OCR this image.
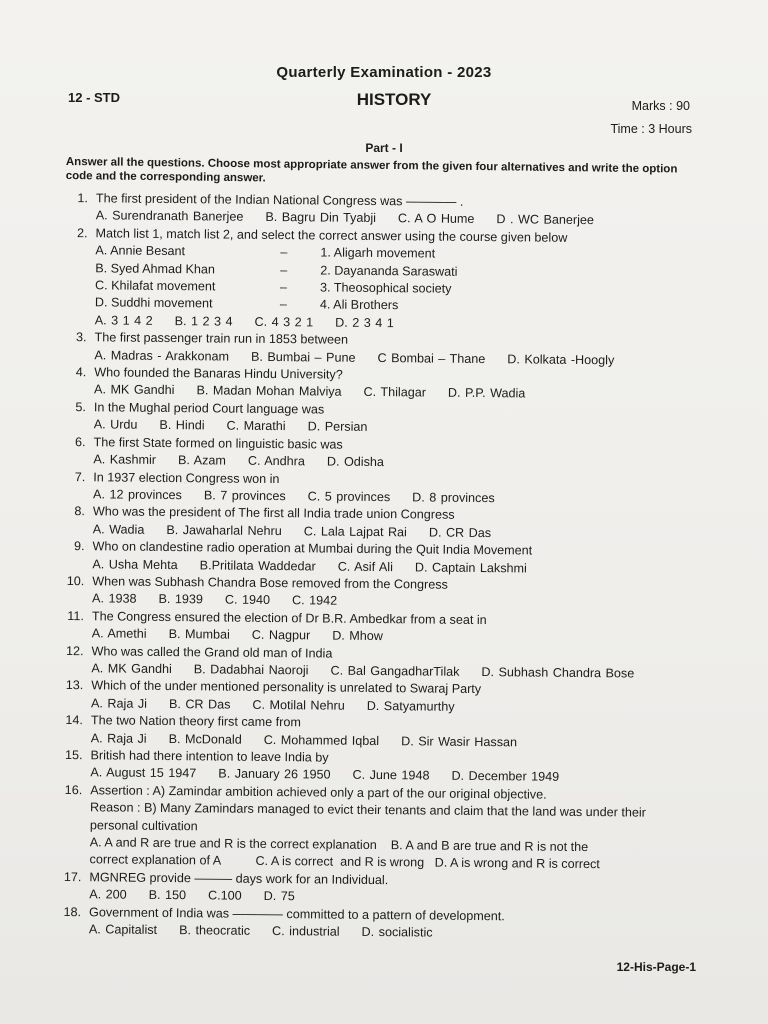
Quarterly Examination - 2023
12 - STD	HISTORY	Marks : 90
Time : 3 Hours
Part - I
Answer all the questions. Choose most appropriate answer from the given four alternatives and write the option code and the corresponding answer.
1. The first president of the Indian National Congress was ———— .
A. Surendranath Banerjee B. Bagru Din Tyabji C. A O Hume D . WC Banerjee
2. Match list 1, match list 2, and select the correct answer using the course given below
A. Annie Besant	–	1. Aligarh movement
B. Syed Ahmad Khan	–	2. Dayananda Saraswati
C. Khilafat movement	–	3. Theosophical society
D. Suddhi movement	–	4. Ali Brothers
A. 3 1 4 2 B. 1 2 3 4 C. 4 3 2 1 D. 2 3 4 1
3. The first passenger train run in 1853 between
A. Madras - Arakkonam B. Bumbai – Pune C Bombai – Thane D. Kolkata -Hoogly
4. Who founded the Banaras Hindu University?
A. MK Gandhi B. Madan Mohan Malviya C. Thilagar D. P.P. Wadia
5. In the Mughal period Court language was
A. Urdu B. Hindi C. Marathi D. Persian
6. The first State formed on linguistic basic was
A. Kashmir B. Azam C. Andhra D. Odisha
7. In 1937 election Congress won in
A. 12 provinces B. 7 provinces C. 5 provinces D. 8 provinces
8. Who was the president of The first all India trade union Congress
A. Wadia B. Jawaharlal Nehru C. Lala Lajpat Rai D. CR Das
9. Who on clandestine radio operation at Mumbai during the Quit India Movement
A. Usha Mehta B.Pritilata Waddedar C. Asif Ali D. Captain Lakshmi
10. When was Subhash Chandra Bose removed from the Congress
A. 1938 B. 1939 C. 1940 C. 1942
11. The Congress ensured the election of Dr B.R. Ambedkar from a seat in
A. Amethi B. Mumbai C. Nagpur D. Mhow
12. Who was called the Grand old man of India
A. MK Gandhi B. Dadabhai Naoroji C. Bal GangadharTilak D. Subhash Chandra Bose
13. Which of the under mentioned personality is unrelated to Swaraj Party
A. Raja Ji B. CR Das C. Motilal Nehru D. Satyamurthy
14. The two Nation theory first came from
A. Raja Ji B. McDonald C. Mohammed Iqbal D. Sir Wasir Hassan
15. British had there intention to leave India by
A. August 15 1947 B. January 26 1950 C. June 1948 D. December 1949
16. Assertion : A) Zamindar ambition achieved only a part of the our original objective.
Reason : B) Many Zamindars managed to evict their tenants and claim that the land was under their personal cultivation
A. A and R are true and R is the correct explanation    B. A and B are true and R is not the
correct explanation of A          C. A is correct  and R is wrong   D. A is wrong and R is correct
17. MGNREG provide ——— days work for an Individual.
A. 200 B. 150 C.100 D. 75
18. Government of India was ———— committed to a pattern of development.
A. Capitalist B. theocratic C. industrial D. socialistic
12-His-Page-1
